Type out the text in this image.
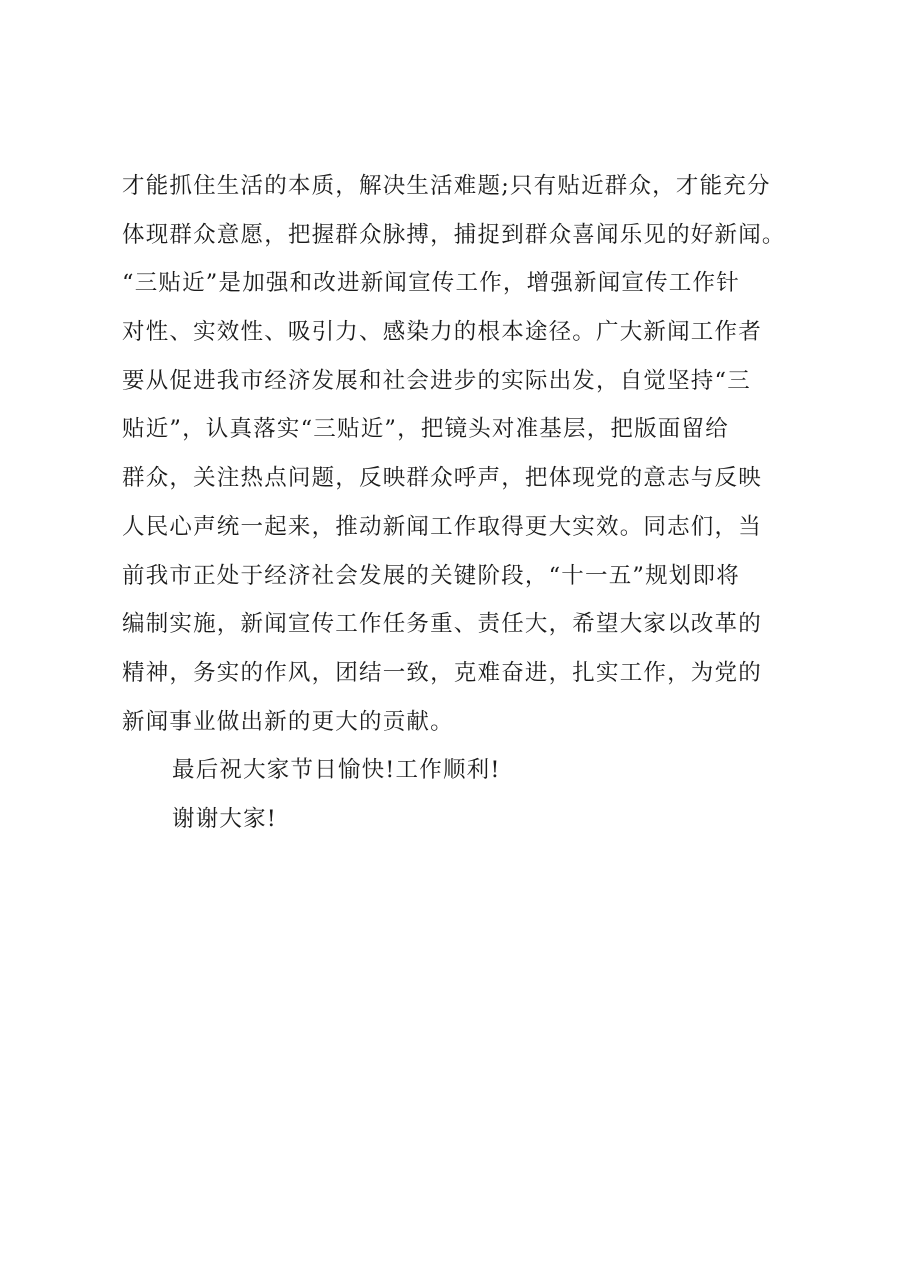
才能抓住生活的本质，解决生活难题;只有贴近群众，才能充分
体现群众意愿，把握群众脉搏，捕捉到群众喜闻乐见的好新闻。
“三贴近”是加强和改进新闻宣传工作，增强新闻宣传工作针
对性、实效性、吸引力、感染力的根本途径。广大新闻工作者
要从促进我市经济发展和社会进步的实际出发，自觉坚持“三
贴近”，认真落实“三贴近”，把镜头对准基层，把版面留给
群众，关注热点问题，反映群众呼声，把体现党的意志与反映
人民心声统一起来，推动新闻工作取得更大实效。同志们，当
前我市正处于经济社会发展的关键阶段，“十一五”规划即将
编制实施，新闻宣传工作任务重、责任大，希望大家以改革的
精神，务实的作风，团结一致，克难奋进，扎实工作，为党的
新闻事业做出新的更大的贡献。
最后祝大家节日愉快!工作顺利!
谢谢大家!
